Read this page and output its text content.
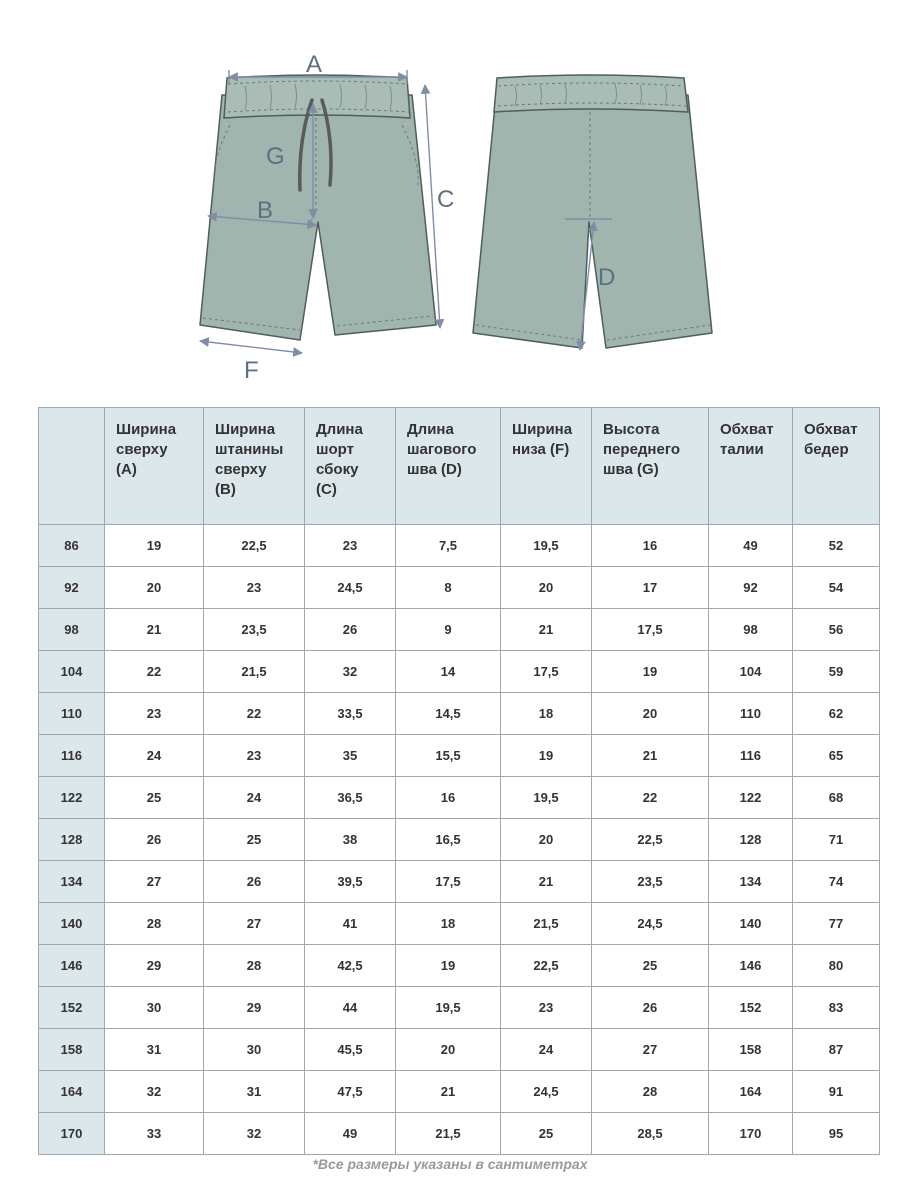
A
G
B	C
F
D

	Ширина
сверху
(A)	Ширина
штанины
сверху
(B)	Длина
шорт
сбоку
(C)	Длина
шагового
шва (D)	Ширина
низа (F)	Высота
переднего
шва (G)	Обхват
талии	Обхват
бедер

86	19	22,5	23	7,5	19,5	16	49	52
92	20	23	24,5	8	20	17	92	54
98	21	23,5	26	9	21	17,5	98	56
104	22	21,5	32	14	17,5	19	104	59
110	23	22	33,5	14,5	18	20	110	62
116	24	23	35	15,5	19	21	116	65
122	25	24	36,5	16	19,5	22	122	68
128	26	25	38	16,5	20	22,5	128	71
134	27	26	39,5	17,5	21	23,5	134	74
140	28	27	41	18	21,5	24,5	140	77
146	29	28	42,5	19	22,5	25	146	80
152	30	29	44	19,5	23	26	152	83
158	31	30	45,5	20	24	27	158	87
164	32	31	47,5	21	24,5	28	164	91
170	33	32	49	21,5	25	28,5	170	95
*Все размеры указаны в сантиметрах
